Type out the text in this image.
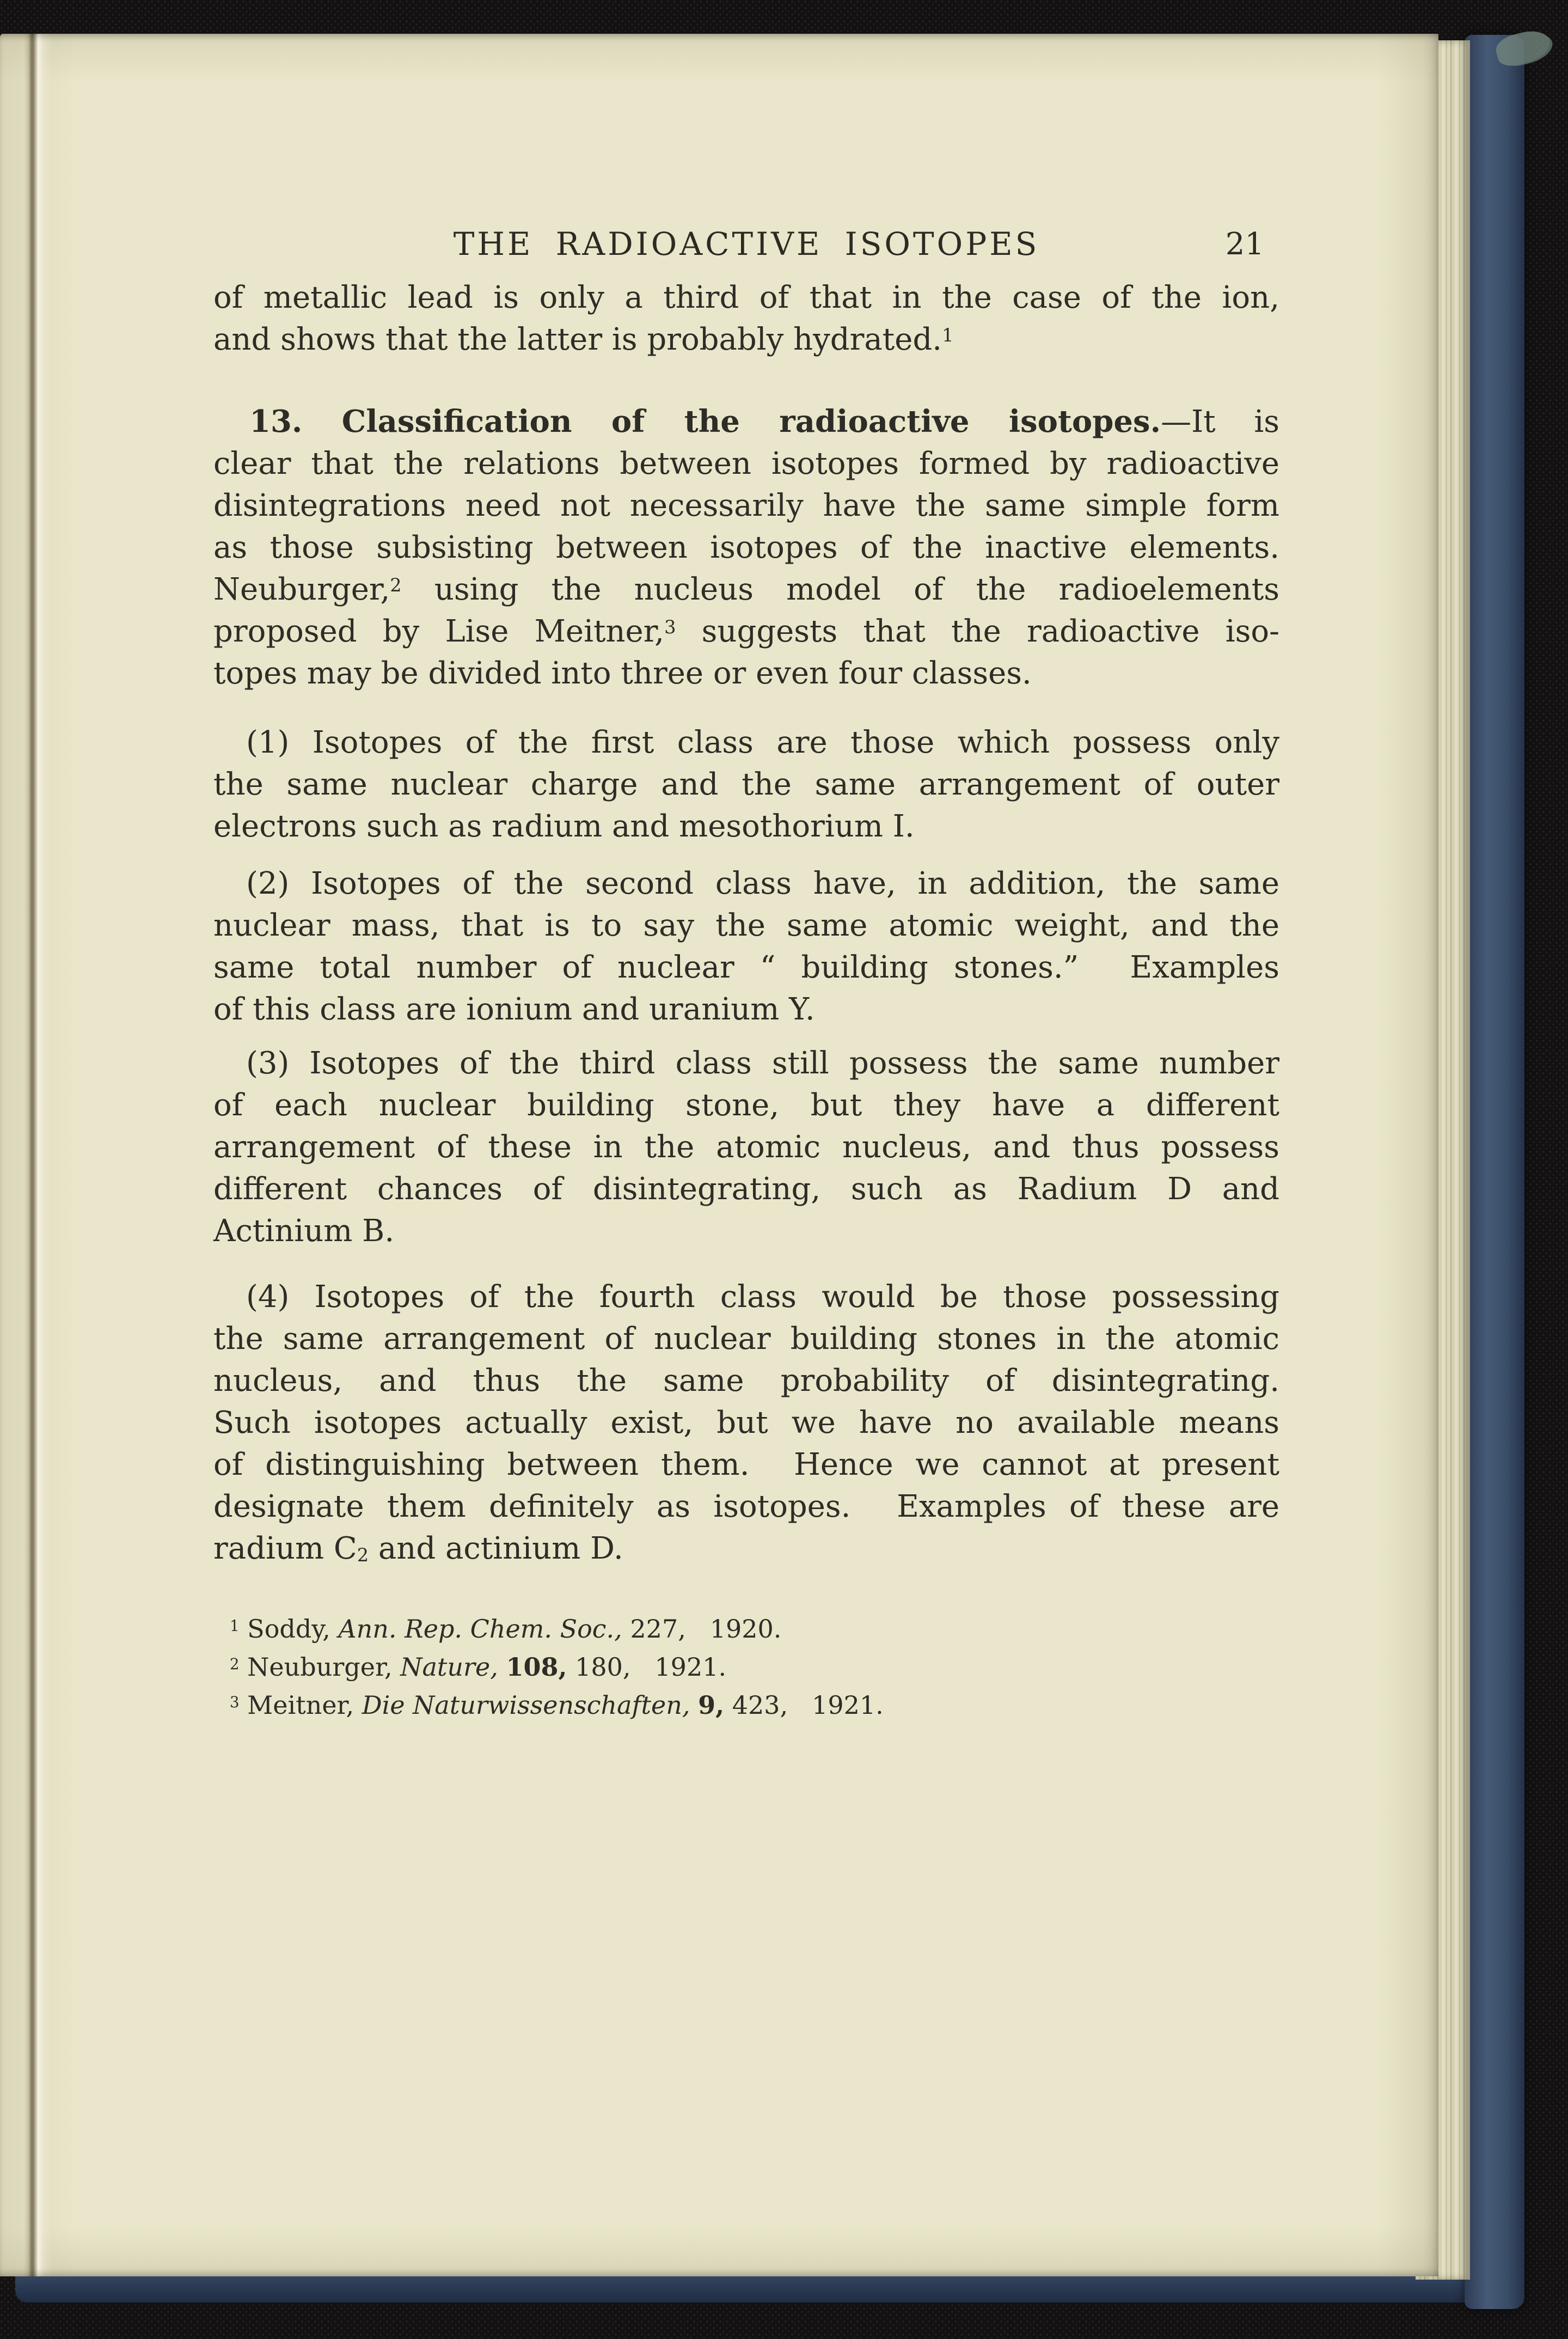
THE RADIOACTIVE ISOTOPES	21
of metallic lead is only a third of that in the case of the ion,
and shows that the latter is probably hydrated.$^1$
13. Classification of the radioactive isotopes.—It is
clear that the relations between isotopes formed by radioactive
disintegrations need not necessarily have the same simple form
as those subsisting between isotopes of the inactive elements.
Neuburger,$^2$ using the nucleus model of the radioelements
proposed by Lise Meitner,$^3$ suggests that the radioactive iso-
topes may be divided into three or even four classes.
(1) Isotopes of the first class are those which possess only
the same nuclear charge and the same arrangement of outer
electrons such as radium and mesothorium I.
(2) Isotopes of the second class have, in addition, the same
nuclear mass, that is to say the same atomic weight, and the
same total number of nuclear “ building stones.”  Examples
of this class are ionium and uranium Y.
(3) Isotopes of the third class still possess the same number
of each nuclear building stone, but they have a different
arrangement of these in the atomic nucleus, and thus possess
different chances of disintegrating, such as Radium D and
Actinium B.
(4) Isotopes of the fourth class would be those possessing
the same arrangement of nuclear building stones in the atomic
nucleus, and thus the same probability of disintegrating.
Such isotopes actually exist, but we have no available means
of distinguishing between them.  Hence we cannot at present
designate them definitely as isotopes.  Examples of these are
radium $C_2$ and actinium D.
$^1$ Soddy, Ann. Rep. Chem. Soc., 227,   1920.
$^2$ Neuburger, Nature, 108, 180,   1921.
$^3$ Meitner, Die Naturwissenschaften, 9, 423,   1921.
